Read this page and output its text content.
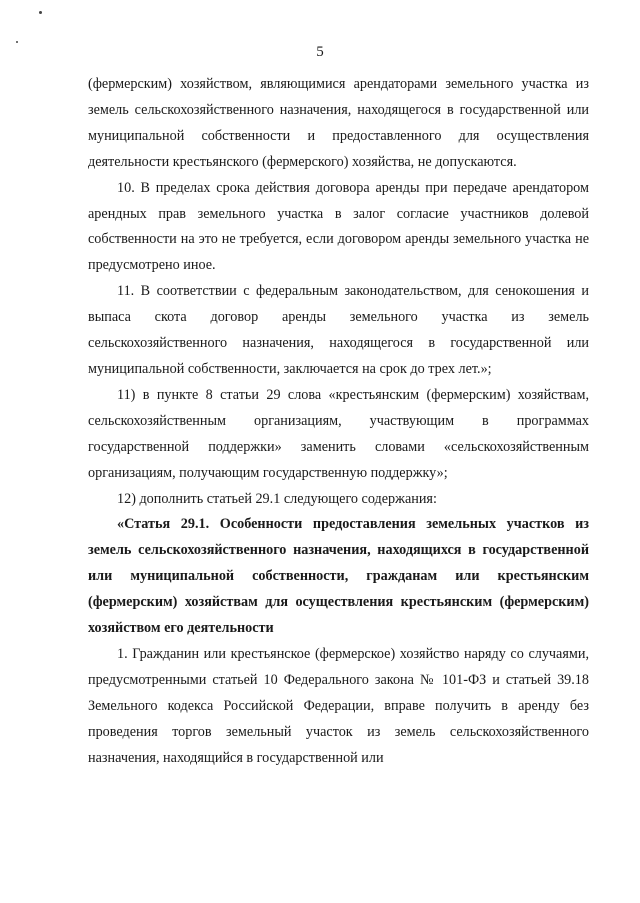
5

(фермерским) хозяйством, являющимися арендаторами земельного участка из земель сельскохозяйственного назначения, находящегося в государственной или муниципальной собственности и предоставленного для осуществления деятельности крестьянского (фермерского) хозяйства, не допускаются.

10. В пределах срока действия договора аренды при передаче арендатором арендных прав земельного участка в залог согласие участников долевой собственности на это не требуется, если договором аренды земельного участка не предусмотрено иное.

11. В соответствии с федеральным законодательством, для сенокошения и выпаса скота договор аренды земельного участка из земель сельскохозяйственного назначения, находящегося в государственной или муниципальной собственности, заключается на срок до трех лет.»;

11) в пункте 8 статьи 29 слова «крестьянским (фермерским) хозяйствам, сельскохозяйственным организациям, участвующим в программах государственной поддержки» заменить словами «сельскохозяйственным организациям, получающим государственную поддержку»;

12) дополнить статьей 29.1 следующего содержания:

«Статья 29.1. Особенности предоставления земельных участков из земель сельскохозяйственного назначения, находящихся в государственной или муниципальной собственности, гражданам или крестьянским (фермерским) хозяйствам для осуществления крестьянским (фермерским) хозяйством его деятельности

1. Гражданин или крестьянское (фермерское) хозяйство наряду со случаями, предусмотренными статьей 10 Федерального закона № 101-ФЗ и статьей 39.18 Земельного кодекса Российской Федерации, вправе получить в аренду без проведения торгов земельный участок из земель сельскохозяйственного назначения, находящийся в государственной или
